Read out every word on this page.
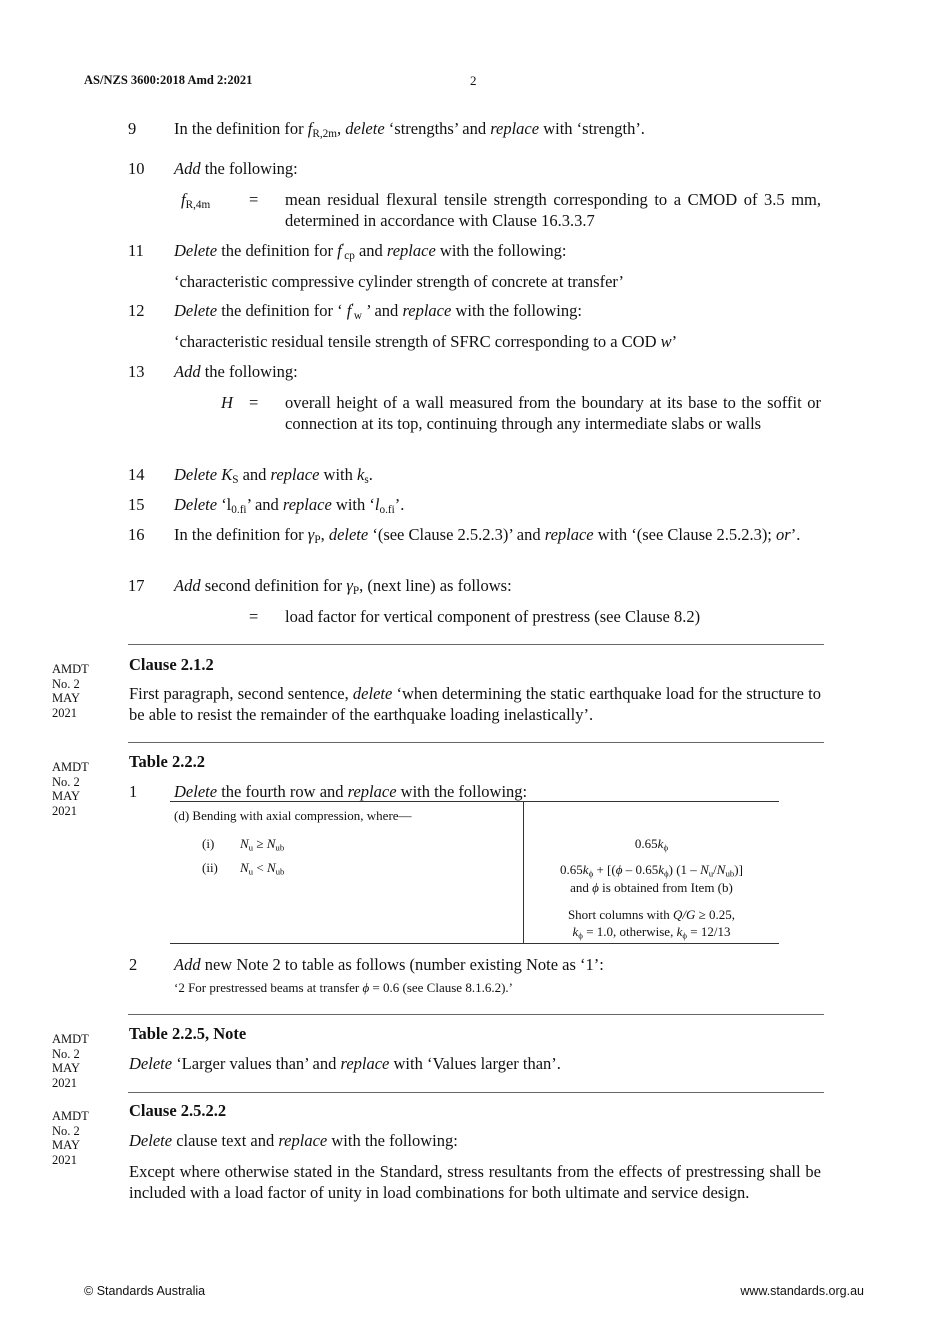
AS/NZS 3600:2018 Amd 2:2021	2
9 In the definition for $f_{R,2m}$, delete ‘strengths’ and replace with ‘strength’.
10 Add the following:
$f_{R,4m}$ = mean residual flexural tensile strength corresponding to a CMOD of 3.5 mm, determined in accordance with Clause 16.3.3.7
11 Delete the definition for $f'_{cp}$ and replace with the following:
‘characteristic compressive cylinder strength of concrete at transfer’
12 Delete the definition for ‘ $f'_w$ ’ and replace with the following:
‘characteristic residual tensile strength of SFRC corresponding to a COD w’
13 Add the following:
H = overall height of a wall measured from the boundary at its base to the soffit or connection at its top, continuing through any intermediate slabs or walls
14 Delete $K_S$ and replace with $k_s$.
15 Delete ‘$l_{0.fi}$’ and replace with ‘$l_{o.fi}$’.
16 In the definition for $\gamma_P$, delete ‘(see Clause 2.5.2.3)’ and replace with ‘(see Clause 2.5.2.3); or’.
17 Add second definition for $\gamma_P$, (next line) as follows:
= load factor for vertical component of prestress (see Clause 8.2)
AMDT
No. 2
MAY
2021
Clause 2.1.2
First paragraph, second sentence, delete ‘when determining the static earthquake load for the structure to be able to resist the remainder of the earthquake loading inelastically’.
AMDT
No. 2
MAY
2021
Table 2.2.2
1 Delete the fourth row and replace with the following:
(d) Bending with axial compression, where—
(i) $N_u \ge N_{ub}$
(ii) $N_u < N_{ub}$
$0.65k_\phi$
$0.65k_\phi + [(\phi - 0.65k_\phi)$ $(1 - N_u/N_{ub})$]
and ϕ is obtained from Item (b)
Short columns with Q/G ≥ 0.25,
$k_\phi = 1.0$, otherwise, $k_\phi = 12/13$
2 Add new Note 2 to table as follows (number existing Note as ‘1’:
‘2 For prestressed beams at transfer ϕ = 0.6 (see Clause 8.1.6.2).’
AMDT
No. 2
MAY
2021
Table 2.2.5, Note
Delete ‘Larger values than’ and replace with ‘Values larger than’.
AMDT
No. 2
MAY
2021
Clause 2.5.2.2
Delete clause text and replace with the following:
Except where otherwise stated in the Standard, stress resultants from the effects of prestressing shall be included with a load factor of unity in load combinations for both ultimate and service design.
© Standards Australia	www.standards.org.au
